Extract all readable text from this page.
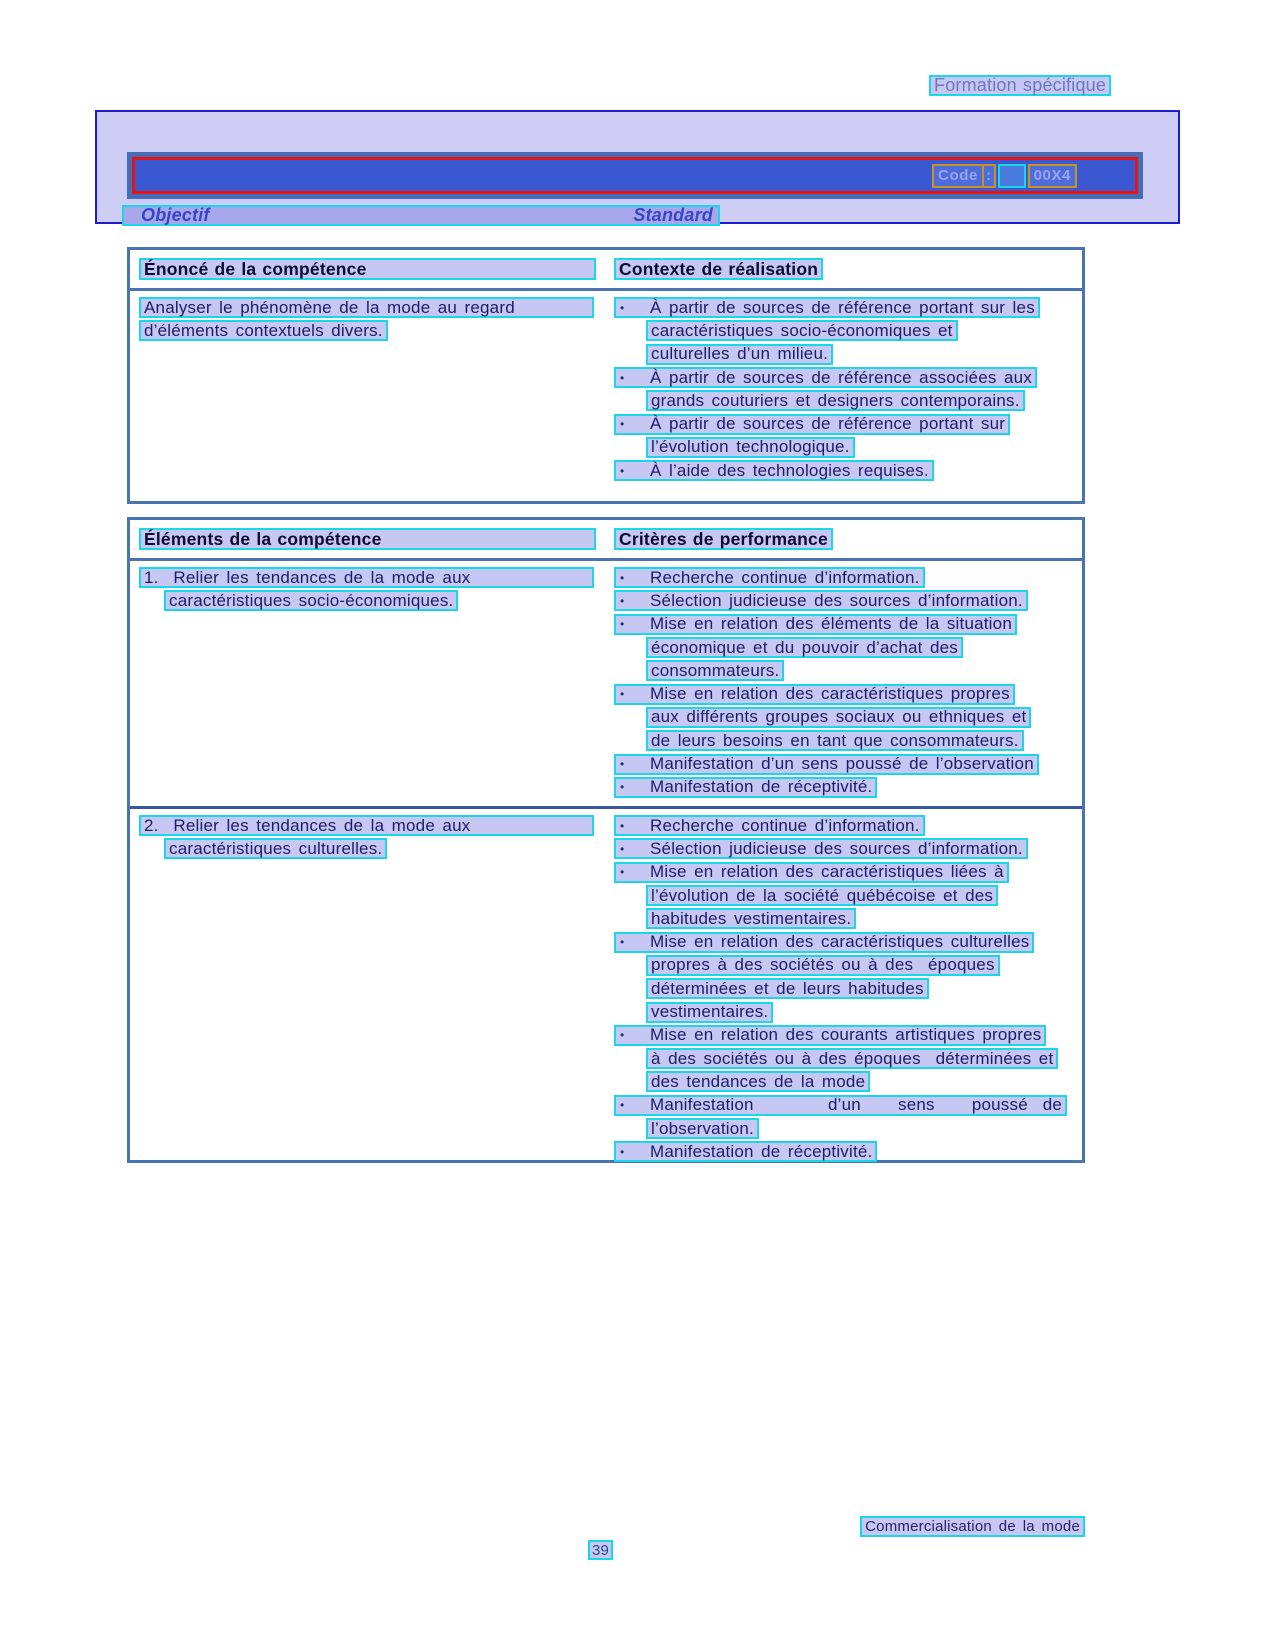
Formation spécifique
Code :	00X4
Objectif	Standard
Énoncé de la compétence	Contexte de réalisation
Analyser le phénomène de la mode au regard
d’éléments contextuels divers.
•	À partir de sources de référence portant sur les
caractéristiques socio-économiques et
culturelles d’un milieu.
•	À partir de sources de référence associées aux
grands couturiers et designers contemporains.
•	À partir de sources de référence portant sur
l’évolution technologique.
•	À l’aide des technologies requises.
Éléments de la compétence	Critères de performance
1.  Relier les tendances de la mode aux
caractéristiques socio-économiques.
•	Recherche continue d’information.
•	Sélection judicieuse des sources d’information.
•	Mise en relation des éléments de la situation
économique et du pouvoir d’achat des
consommateurs.
•	Mise en relation des caractéristiques propres
aux différents groupes sociaux ou ethniques et
de leurs besoins en tant que consommateurs.
•	Manifestation d’un sens poussé de l’observation
•	Manifestation de réceptivité.
2.  Relier les tendances de la mode aux
caractéristiques culturelles.
•	Recherche continue d’information.
•	Sélection judicieuse des sources d’information.
•	Mise en relation des caractéristiques liées à
l’évolution de la société québécoise et des
habitudes vestimentaires.
•	Mise en relation des caractéristiques culturelles
propres à des sociétés ou à des  époques
déterminées et de leurs habitudes
vestimentaires.
•	Mise en relation des courants artistiques propres
à des sociétés ou à des époques  déterminées et
des tendances de la mode
•	Manifestation          d’un     sens     poussé  de
l’observation.
•	Manifestation de réceptivité.
Commercialisation de la mode
39
